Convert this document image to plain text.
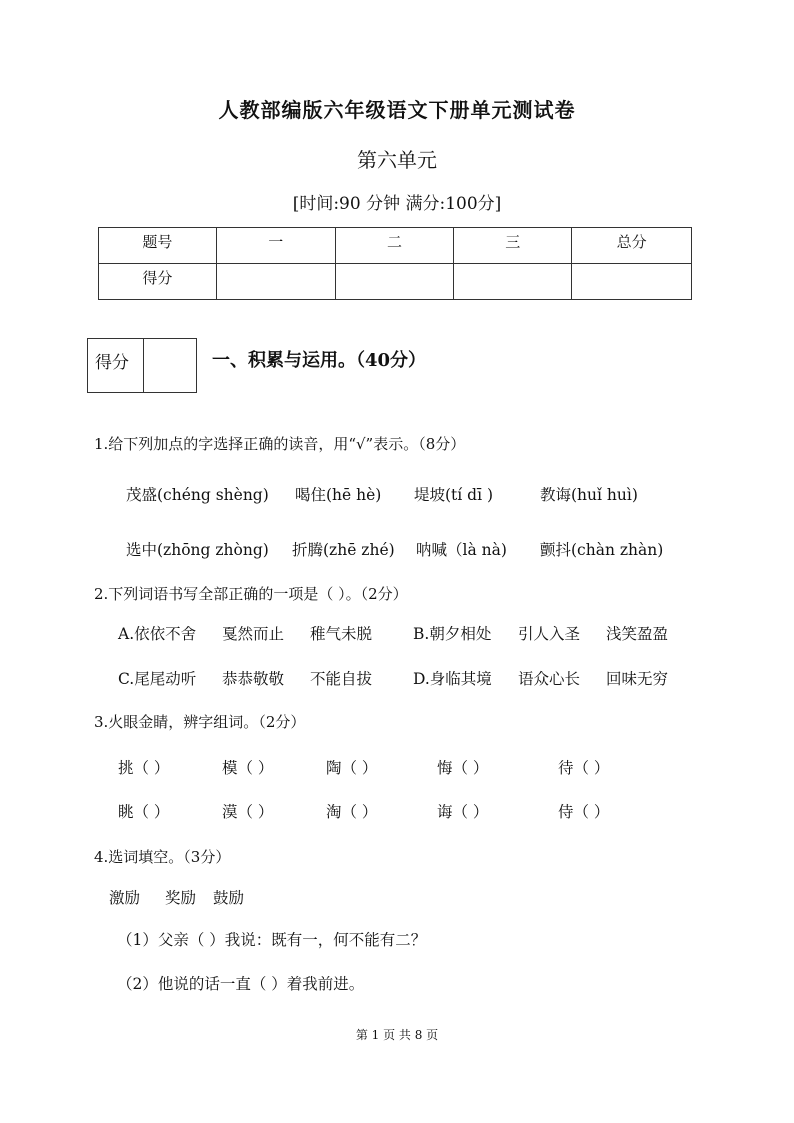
人教部编版六年级语文下册单元测试卷
第六单元
[时间:90 分钟 满分:100分]
题号	一	二	三	总分
得分				
得分	一、积累与运用。（40分）
1.给下列加点的字选择正确的读音，用“√”表示。（8分）
茂盛(chéng shèng) 喝住(hē hè) 堤坡(tí dī )	教诲(huǐ huì)
选中(zhōng zhòng) 折腾(zhē zhé) 呐喊（là nà) 颤抖(chàn zhàn)
2.下列词语书写全部正确的一项是（ ）。（2分）
A.依依不舍 戛然而止 稚气未脱	B.朝夕相处 引人入圣 浅笑盈盈
C.尾尾动听 恭恭敬敬 不能自拔	D.身临其境 语众心长 回味无穷
3.火眼金睛，辨字组词。（2分）
挑（ ）	模（ ）	陶（ ）	悔（ ）	待（ ）
眺（ ）	漠（ ）	淘（ ）	诲（ ）	侍（ ）
4.选词填空。（3分）
激励 奖励 鼓励
（1）父亲（ ）我说：既有一，何不能有二？
（2）他说的话一直（ ）着我前进。
第 1 页 共 8 页
